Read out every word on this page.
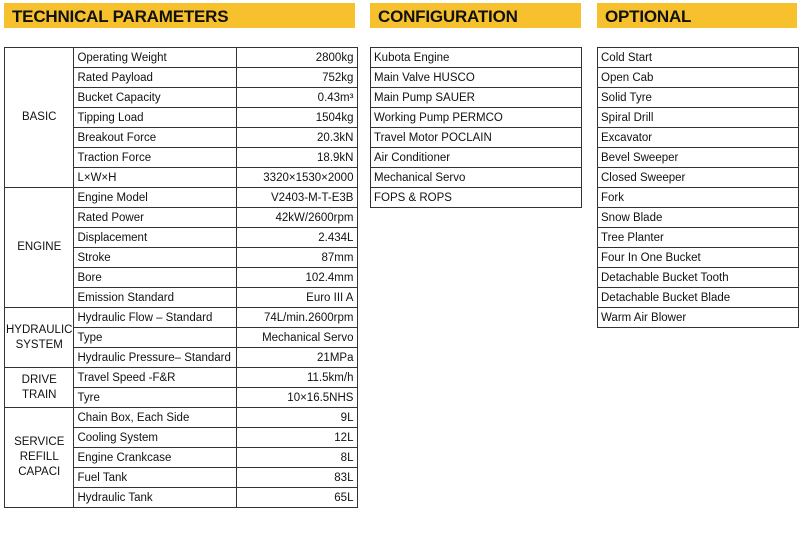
TECHNICAL PARAMETERS	CONFIGURATION	OPTIONAL
BASIC	Operating Weight	2800kg
	Rated Payload	752kg
	Bucket Capacity	0.43m³
	Tipping Load	1504kg
	Breakout Force	20.3kN
	Traction Force	18.9kN
	L×W×H	3320×1530×2000
ENGINE	Engine Model	V2403-M-T-E3B
	Rated Power	42kW/2600rpm
	Displacement	2.434L
	Stroke	87mm
	Bore	102.4mm
	Emission Standard	Euro III A
HYDRAULIC SYSTEM	Hydraulic Flow – Standard	74L/min.2600rpm
	Type	Mechanical Servo
	Hydraulic Pressure– Standard	21MPa
DRIVE TRAIN	Travel Speed -F&R	11.5km/h
	Tyre	10×16.5NHS
SERVICE REFILL CAPACI	Chain Box, Each Side	9L
	Cooling System	12L
	Engine Crankcase	8L
	Fuel Tank	83L
	Hydraulic Tank	65L
Kubota Engine
Main Valve HUSCO
Main Pump SAUER
Working Pump PERMCO
Travel Motor POCLAIN
Air Conditioner
Mechanical Servo
FOPS & ROPS
Cold Start
Open Cab
Solid Tyre
Spiral Drill
Excavator
Bevel Sweeper
Closed Sweeper
Fork
Snow Blade
Tree Planter
Four In One Bucket
Detachable Bucket Tooth
Detachable Bucket Blade
Warm Air Blower
